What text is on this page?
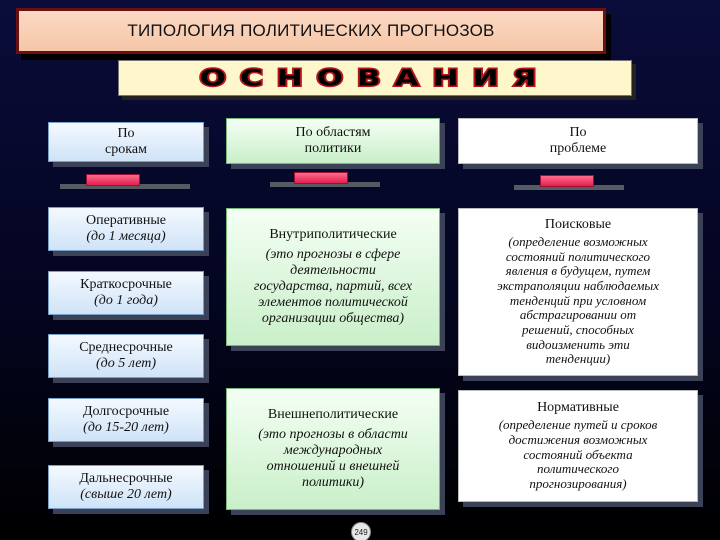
ТИПОЛОГИЯ ПОЛИТИЧЕСКИХ ПРОГНОЗОВ
ОСНОВАНИЯ
По
срокам
По областям
политики
По
проблеме
Оперативные
(до 1 месяца)
Краткосрочные
(до 1 года)
Среднесрочные
(до 5 лет)
Долгосрочные
(до 15-20 лет)
Дальнесрочные
(свыше 20 лет)
Внутриполитические
(это прогнозы в сфере
деятельности
государства, партий, всех
элементов политической
организации общества)
Внешнеполитические
(это прогнозы в области
международных
отношений и внешней
политики)
Поисковые
(определение возможных
состояний политического
явления в будущем, путем
экстраполяции наблюдаемых
тенденций при условном
абстрагировании от
решений, способных
видоизменить эти
тенденции)
Нормативные
(определение путей и сроков
достижения возможных
состояний объекта
политического
прогнозирования)
249
